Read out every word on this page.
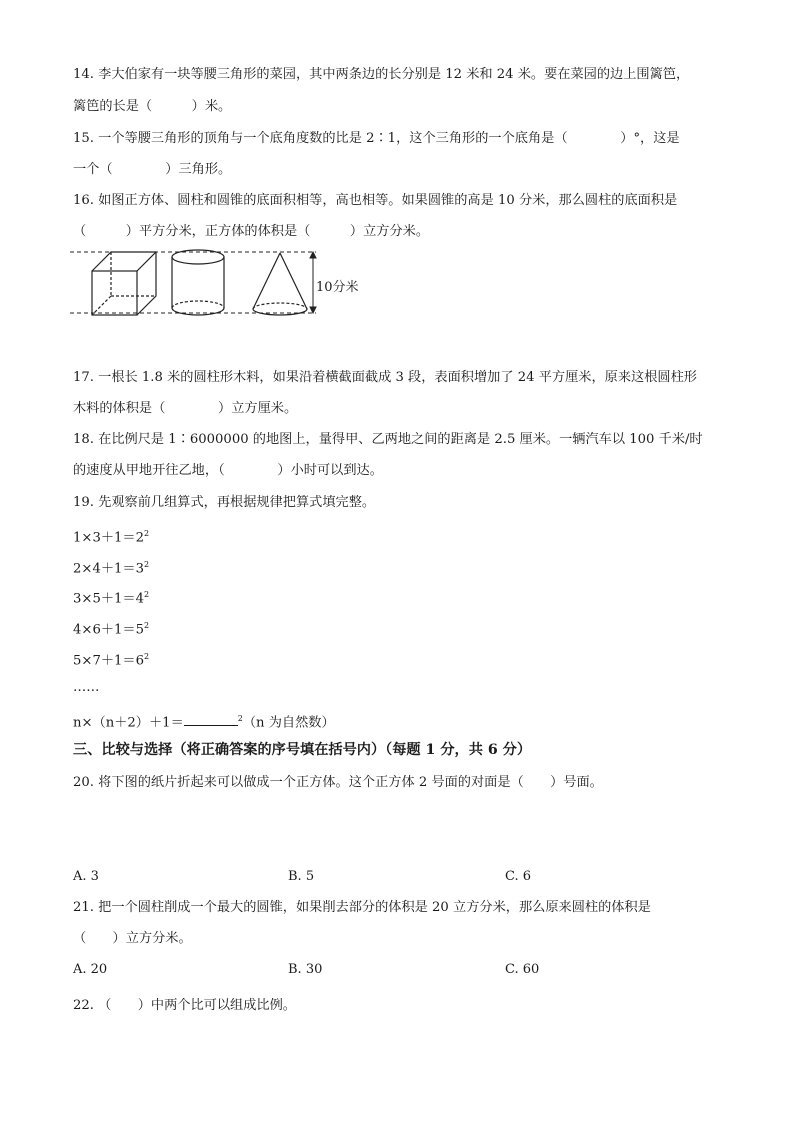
14. 李大伯家有一块等腰三角形的菜园，其中两条边的长分别是 12 米和 24 米。要在菜园的边上围篱笆，
篱笆的长是（　　　）米。
15. 一个等腰三角形的顶角与一个底角度数的比是 2∶1，这个三角形的一个底角是（　　　　）°，这是
一个（　　　　）三角形。
16. 如图正方体、圆柱和圆锥的底面积相等，高也相等。如果圆锥的高是 10 分米，那么圆柱的底面积是
（　　　）平方分米，正方体的体积是（　　　）立方分米。
10分米
17. 一根长 1.8 米的圆柱形木料，如果沿着横截面截成 3 段，表面积增加了 24 平方厘米，原来这根圆柱形
木料的体积是（　　　　）立方厘米。
18. 在比例尺是 1∶6000000 的地图上，量得甲、乙两地之间的距离是 2.5 厘米。一辆汽车以 100 千米/时
的速度从甲地开往乙地，（　　　　）小时可以到达。
19. 先观察前几组算式，再根据规律把算式填完整。
$1\times 3+1=2^2$
$2\times 4+1=3^2$
$3\times 5+1=4^2$
$4\times 6+1=5^2$
$5\times 7+1=6^2$
……
n×（n＋2）＋1＝	$^2$（n 为自然数）
三、比较与选择（将正确答案的序号填在括号内）（每题 1 分，共 6 分）
20. 将下图的纸片折起来可以做成一个正方体。这个正方体 2 号面的对面是（　　）号面。
A. 3	B. 5	C. 6
21. 把一个圆柱削成一个最大的圆锥，如果削去部分的体积是 20 立方分米，那么原来圆柱的体积是
（　　）立方分米。
A. 20	B. 30	C. 60
22. （　　）中两个比可以组成比例。
